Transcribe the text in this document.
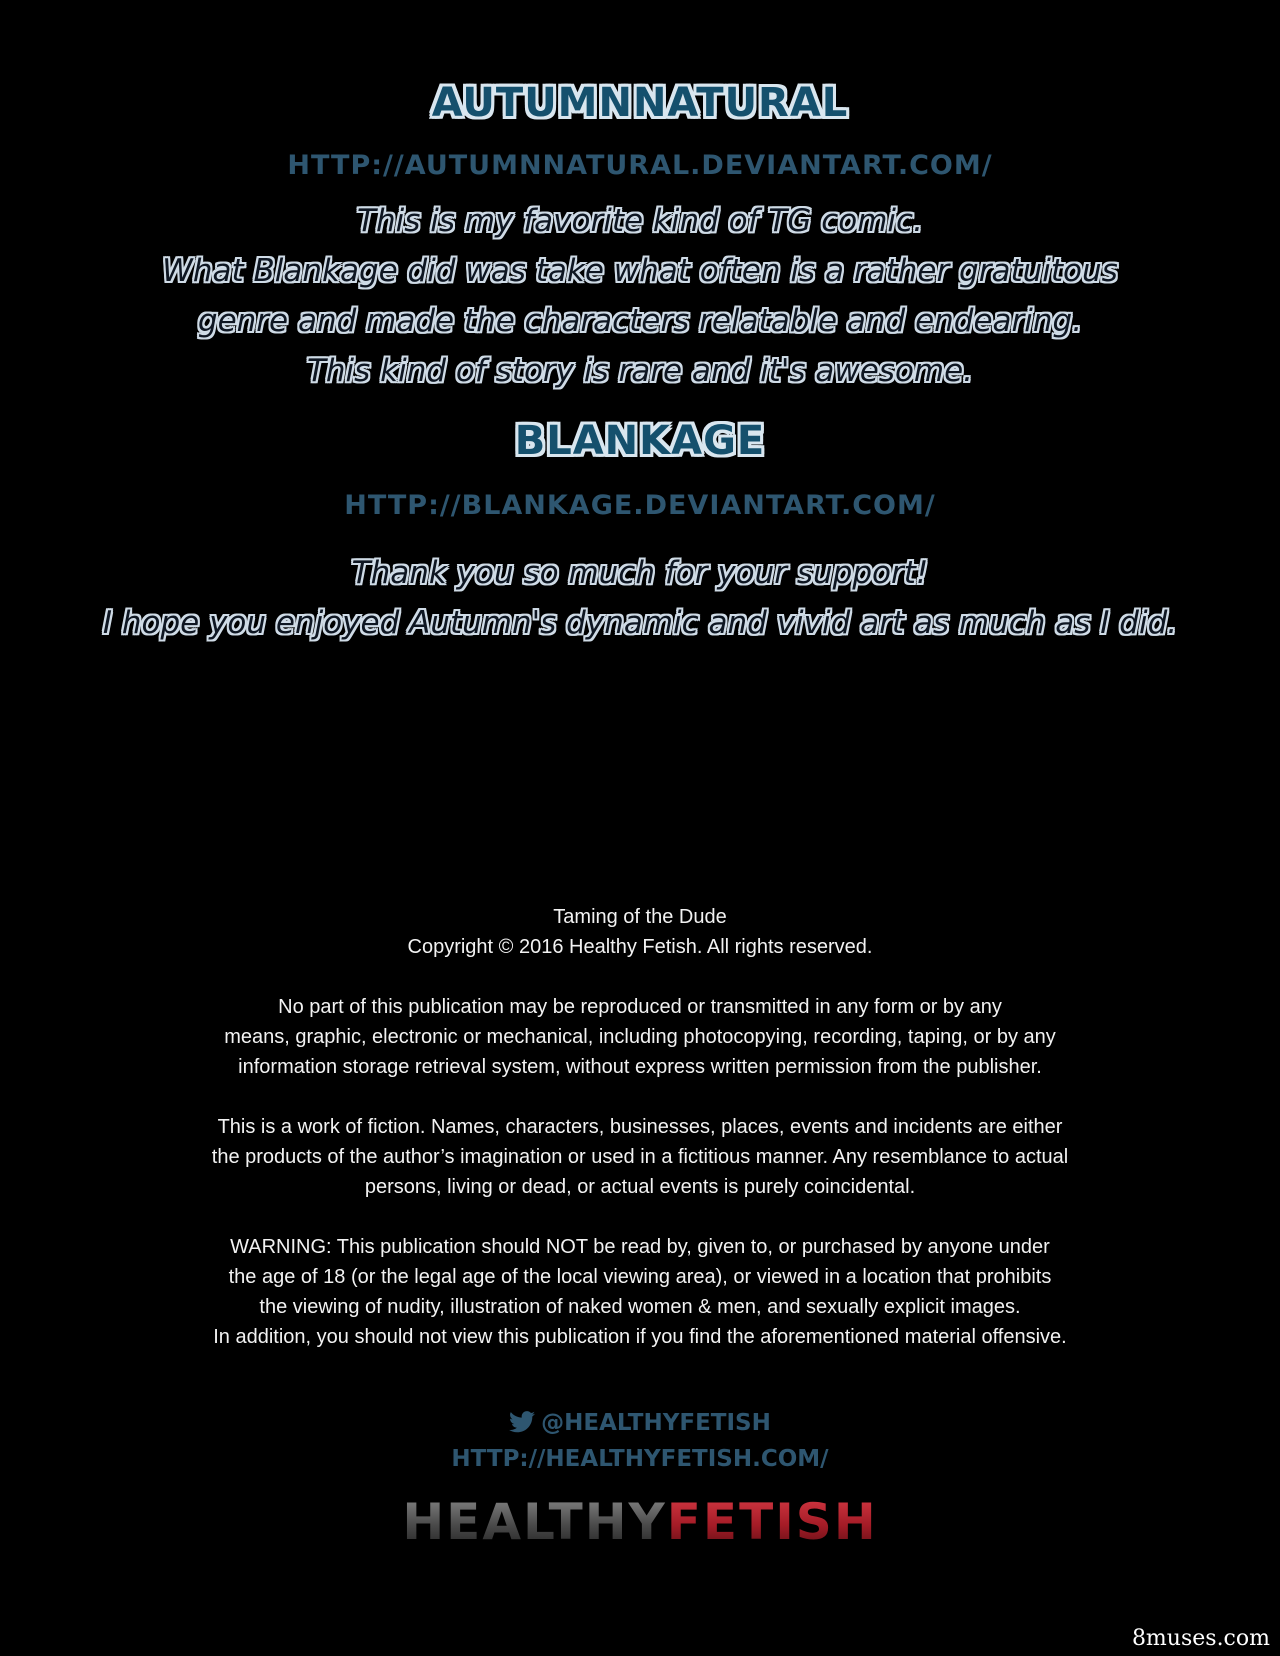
AUTUMNNATURAL
HTTP://AUTUMNNATURAL.DEVIANTART.COM/
This is my favorite kind of TG comic.
What Blankage did was take what often is a rather gratuitous
genre and made the characters relatable and endearing.
This kind of story is rare and it's awesome.
BLANKAGE
HTTP://BLANKAGE.DEVIANTART.COM/
Thank you so much for your support!
I hope you enjoyed Autumn's dynamic and vivid art as much as I did.
Taming of the Dude
Copyright © 2016 Healthy Fetish. All rights reserved.
No part of this publication may be reproduced or transmitted in any form or by any
means, graphic, electronic or mechanical, including photocopying, recording, taping, or by any
information storage retrieval system, without express written permission from the publisher.
This is a work of fiction. Names, characters, businesses, places, events and incidents are either
the products of the author’s imagination or used in a fictitious manner. Any resemblance to actual
persons, living or dead, or actual events is purely coincidental.
WARNING: This publication should NOT be read by, given to, or purchased by anyone under
the age of 18 (or the legal age of the local viewing area), or viewed in a location that prohibits
the viewing of nudity, illustration of naked women & men, and sexually explicit images.
In addition, you should not view this publication if you find the aforementioned material offensive.
@HEALTHYFETISH
HTTP://HEALTHYFETISH.COM/
HEALTHYFETISH
8muses.com
